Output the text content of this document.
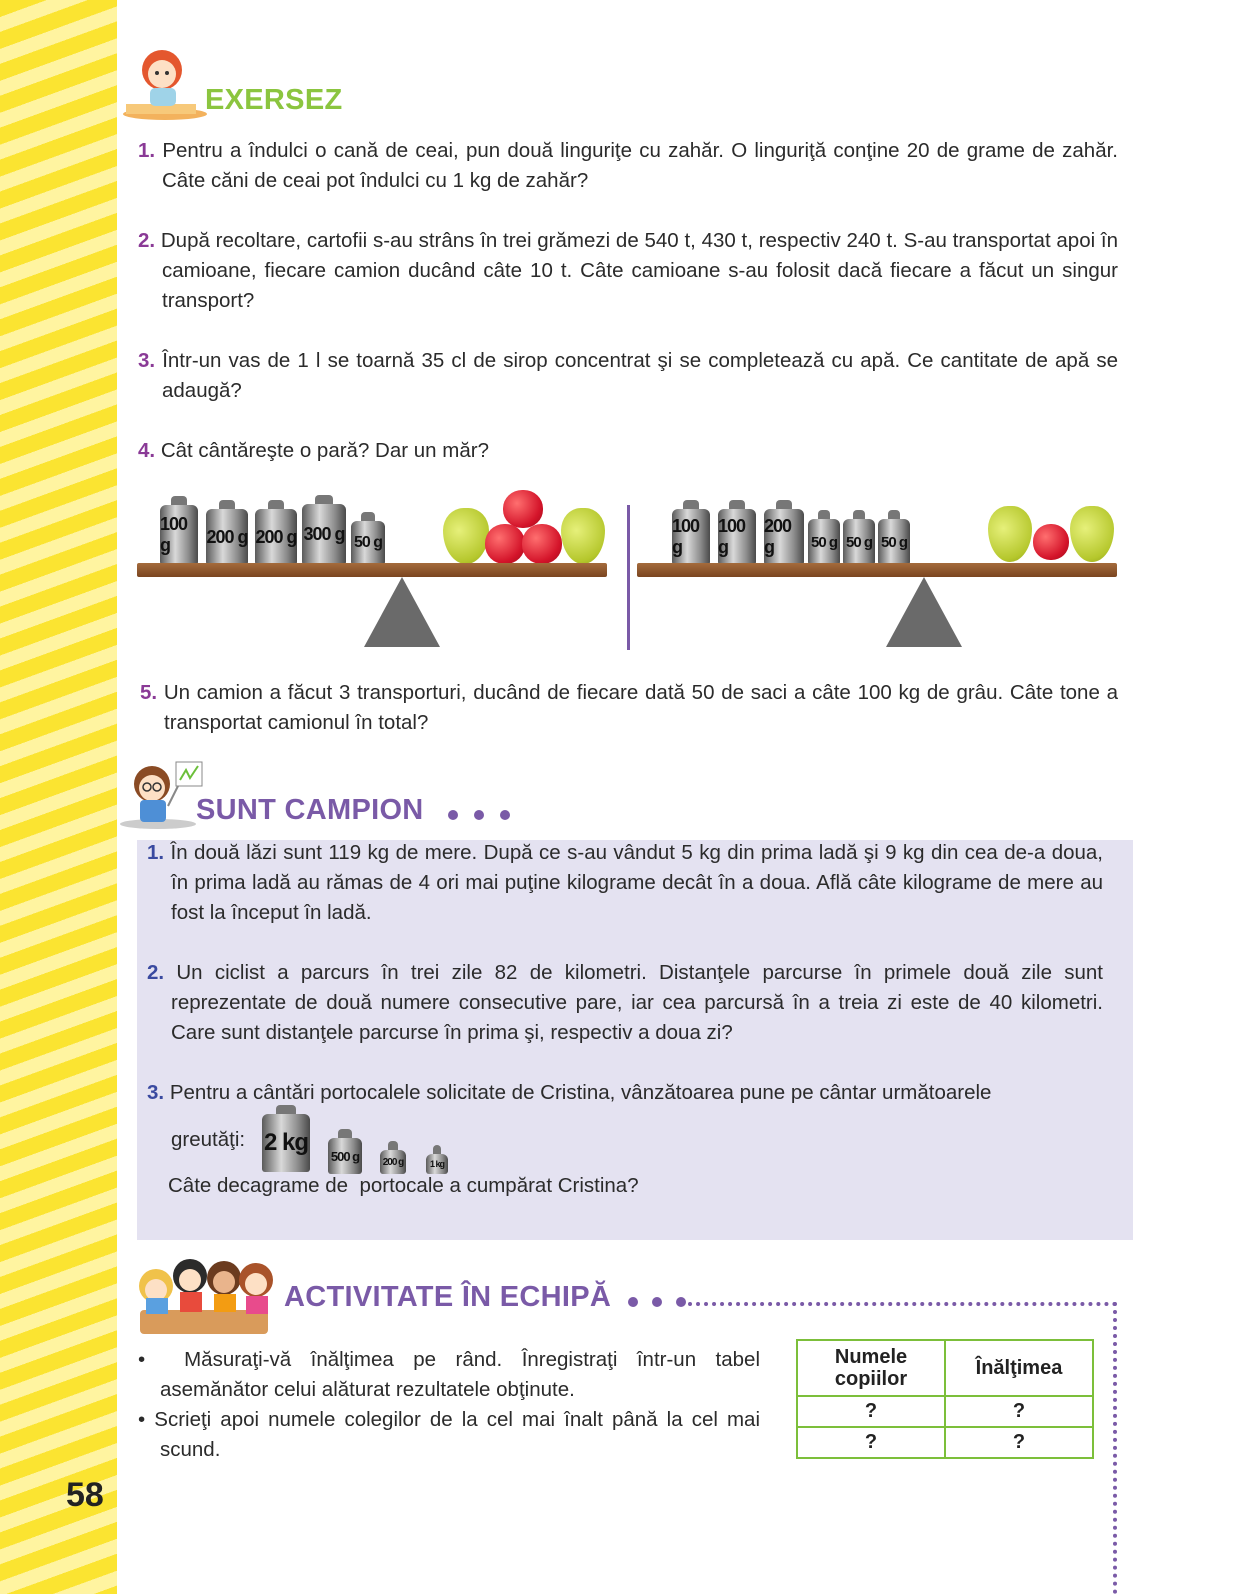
58
EXERSEZ
1. Pentru a îndulci o cană de ceai, pun două linguriţe cu zahăr. O linguriţă conţine 20 de grame de zahăr. Câte căni de ceai pot îndulci cu 1 kg de zahăr?
2. După recoltare, cartofii s-au strâns în trei grămezi de 540 t, 430 t, respectiv 240 t. S-au transportat apoi în camioane, fiecare camion ducând câte 10 t. Câte camioane s-au folosit dacă fiecare a făcut un singur transport?
3. Într-un vas de 1 l se toarnă 35 cl de sirop concentrat şi se completează cu apă. Ce cantitate de apă se adaugă?
4. Cât cântăreşte o pară? Dar un măr?
100 g	200 g 200 g 300 g 50 g
100 g
100 g
200 g	50 g 50 g 50 g
5. Un camion a făcut 3 transporturi, ducând de fiecare dată 50 de saci a câte 100 kg de grâu. Câte tone a transportat camionul în total?
SUNT CAMPION
1. În două lăzi sunt 119 kg de mere. După ce s-au vândut 5 kg din prima ladă şi 9 kg din cea de-a doua, în prima ladă au rămas de 4 ori mai puţine kilograme decât în a doua. Află câte kilograme de mere au fost la început în ladă.
2. Un ciclist a parcurs în trei zile 82 de kilometri. Distanţele parcurse în primele două zile sunt reprezentate de două numere consecutive pare, iar cea parcursă în a treia zi este de 40 kilometri. Care sunt distanţele parcurse în prima şi, respectiv a doua zi?
3. Pentru a cântări portocalele solicitate de Cristina, vânzătoarea pune pe cântar următoarele
greutăţi: 2 kg 500 g 200 g	1 kg
Câte decagrame de  portocale a cumpărat Cristina?
ACTIVITATE ÎN ECHIPĂ
•  Măsuraţi-vă înălţimea pe rând. Înregistraţi într-un tabel asemănător celui alăturat rezultatele obţinute.
• Scrieţi apoi numele colegilor de la cel mai înalt până la cel mai scund.
Numele copiilor	Înălţimea
?	?
?	?
